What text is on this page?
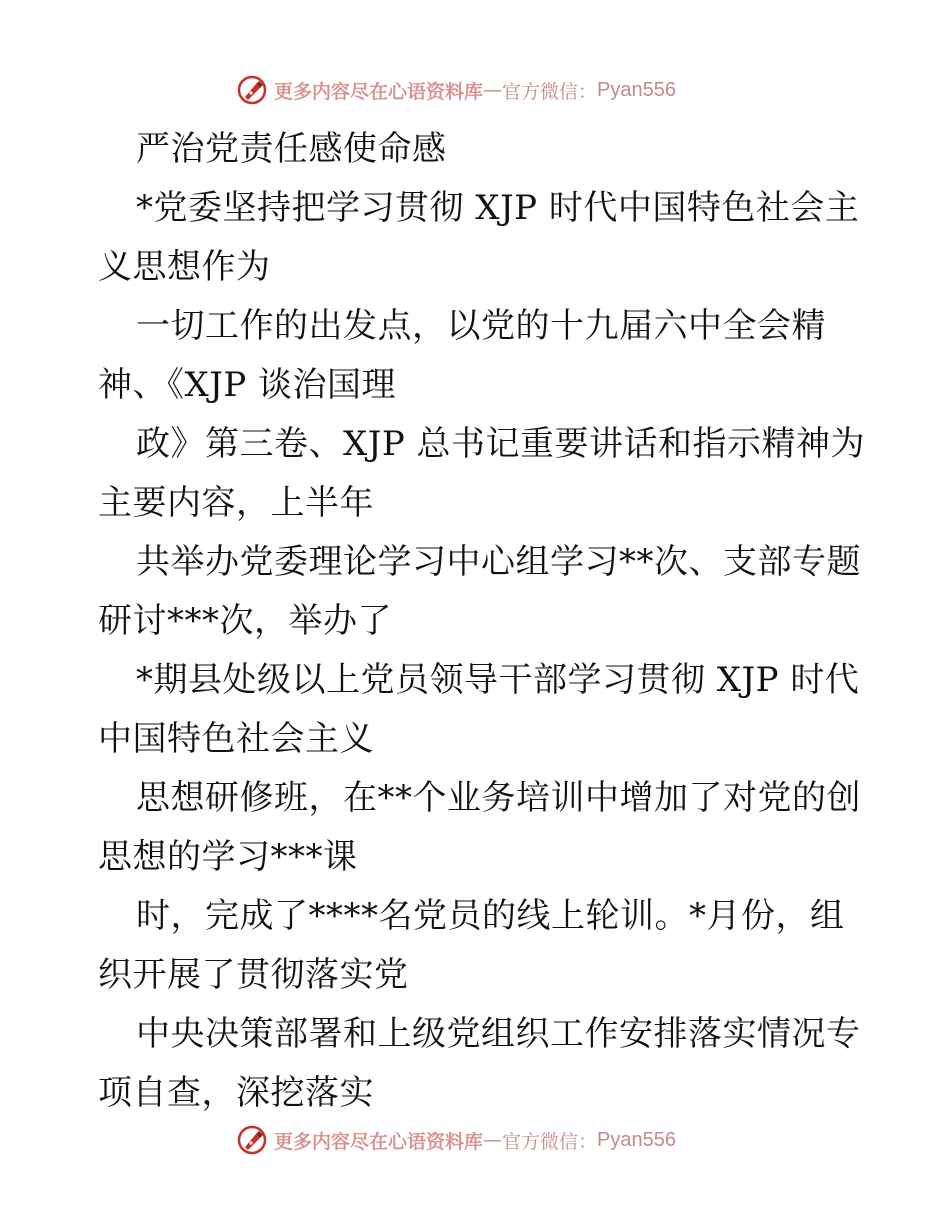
更多内容尽在心语资料库 — 官方微信： Pyan556
严治党责任感使命感
*党委坚持把学习贯彻 XJP 时代中国特色社会主
义思想作为
一切工作的出发点，以党的十九届六中全会精
神、《XJP 谈治国理
政》第三卷、XJP 总书记重要讲话和指示精神为
主要内容，上半年
共举办党委理论学习中心组学习**次、支部专题
研讨***次，举办了
*期县处级以上党员领导干部学习贯彻 XJP 时代
中国特色社会主义
思想研修班，在**个业务培训中增加了对党的创
思想的学习***课
时，完成了****名党员的线上轮训。*月份，组
织开展了贯彻落实党
中央决策部署和上级党组织工作安排落实情况专
项自查，深挖落实
更多内容尽在心语资料库 — 官方微信： Pyan556
